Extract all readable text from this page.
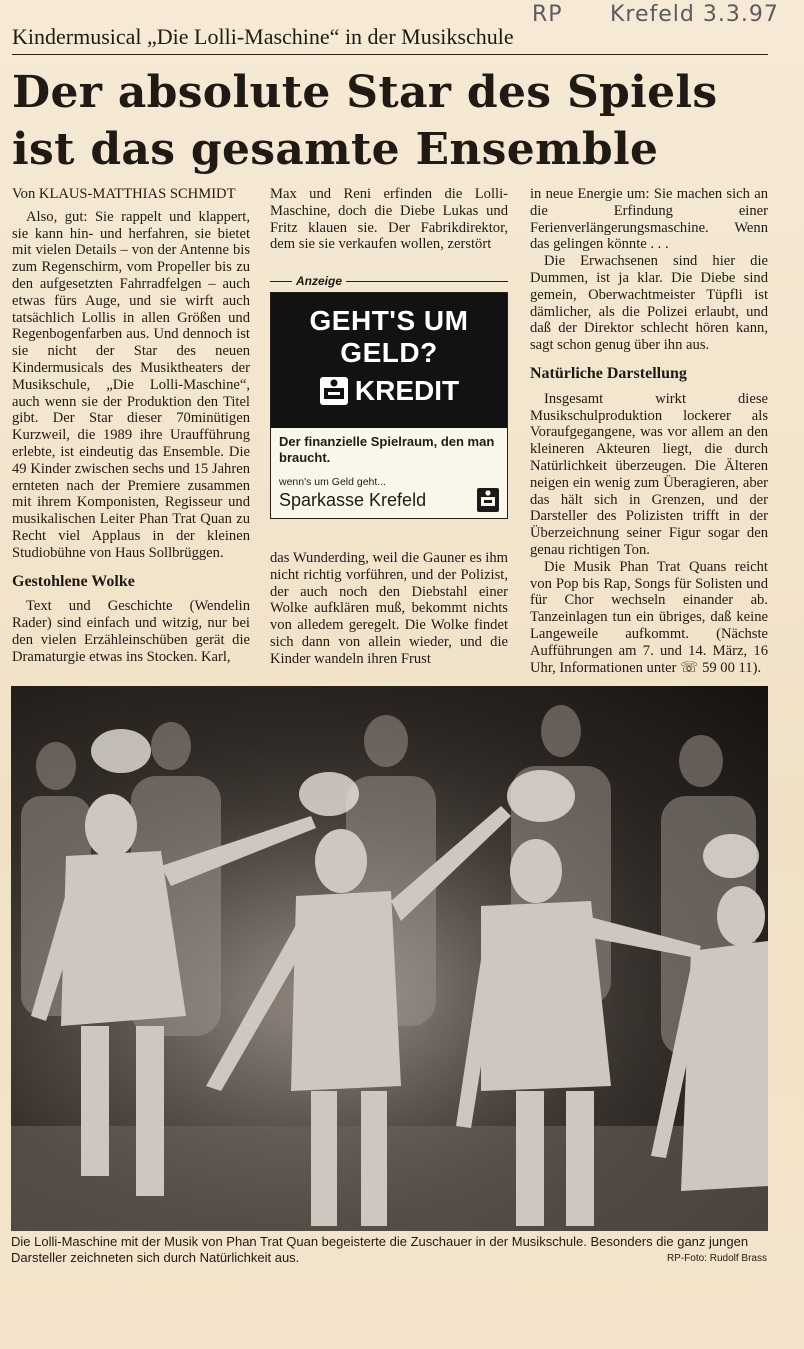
RP Krefeld 3.3.97
Kindermusical „Die Lolli-Maschine“ in der Musikschule
Der absolute Star des Spiels
ist das gesamte Ensemble
Von KLAUS-MATTHIAS SCHMIDT

Also, gut: Sie rappelt und klappert, sie kann hin- und herfahren, sie bietet mit vielen Details – von der Antenne bis zum Regenschirm, vom Propeller bis zu den aufgesetzten Fahrradfelgen – auch etwas fürs Auge, und sie wirft auch tatsächlich Lollis in allen Größen und Regenbogenfarben aus. Und dennoch ist sie nicht der Star des neuen Kindermusicals des Musiktheaters der Musikschule, „Die Lolli-Maschine“, auch wenn sie der Produktion den Titel gibt. Der Star dieser 70minütigen Kurzweil, die 1989 ihre Uraufführung erlebte, ist eindeutig das Ensemble. Die 49 Kinder zwischen sechs und 15 Jahren ernteten nach der Premiere zusammen mit ihrem Komponisten, Regisseur und musikalischen Leiter Phan Trat Quan zu Recht viel Applaus in der kleinen Studiobühne von Haus Sollbrüggen.

Gestohlene Wolke

Text und Geschichte (Wendelin Rader) sind einfach und witzig, nur bei den vielen Erzähleinschüben gerät die Dramaturgie etwas ins Stocken. Karl,

Max und Reni erfinden die Lolli-Maschine, doch die Diebe Lukas und Fritz klauen sie. Der Fabrikdirektor, dem sie sie verkaufen wollen, zerstört

Anzeige
GEHT'S UM
GELD?
KREDIT
Der finanzielle Spielraum, den man braucht.
wenn's um Geld geht...
Sparkasse Krefeld

das Wunderding, weil die Gauner es ihm nicht richtig vorführen, und der Polizist, der auch noch den Diebstahl einer Wolke aufklären muß, bekommt nichts von alledem geregelt. Die Wolke findet sich dann von allein wieder, und die Kinder wandeln ihren Frust

in neue Energie um: Sie machen sich an die Erfindung einer Ferienverlängerungsmaschine. Wenn das gelingen könnte . . .

Die Erwachsenen sind hier die Dummen, ist ja klar. Die Diebe sind gemein, Oberwachtmeister Tüpfli ist dämlicher, als die Polizei erlaubt, und daß der Direktor schlecht hören kann, sagt schon genug über ihn aus.

Natürliche Darstellung

Insgesamt wirkt diese Musikschulproduktion lockerer als Voraufgegangene, was vor allem an den kleineren Akteuren liegt, die durch Natürlichkeit überzeugen. Die Älteren neigen ein wenig zum Überagieren, aber das hält sich in Grenzen, und der Darsteller des Polizisten trifft in der Überzeichnung seiner Figur sogar den genau richtigen Ton.

Die Musik Phan Trat Quans reicht von Pop bis Rap, Songs für Solisten und für Chor wechseln einander ab. Tanzeinlagen tun ein übriges, daß keine Langeweile aufkommt. (Nächste Aufführungen am 7. und 14. März, 16 Uhr, Informationen unter ☏ 59 00 11).

Die Lolli-Maschine mit der Musik von Phan Trat Quan begeisterte die Zuschauer in der Musikschule. Besonders die ganz jungen Darsteller zeichneten sich durch Natürlichkeit aus.	RP-Foto: Rudolf Brass
